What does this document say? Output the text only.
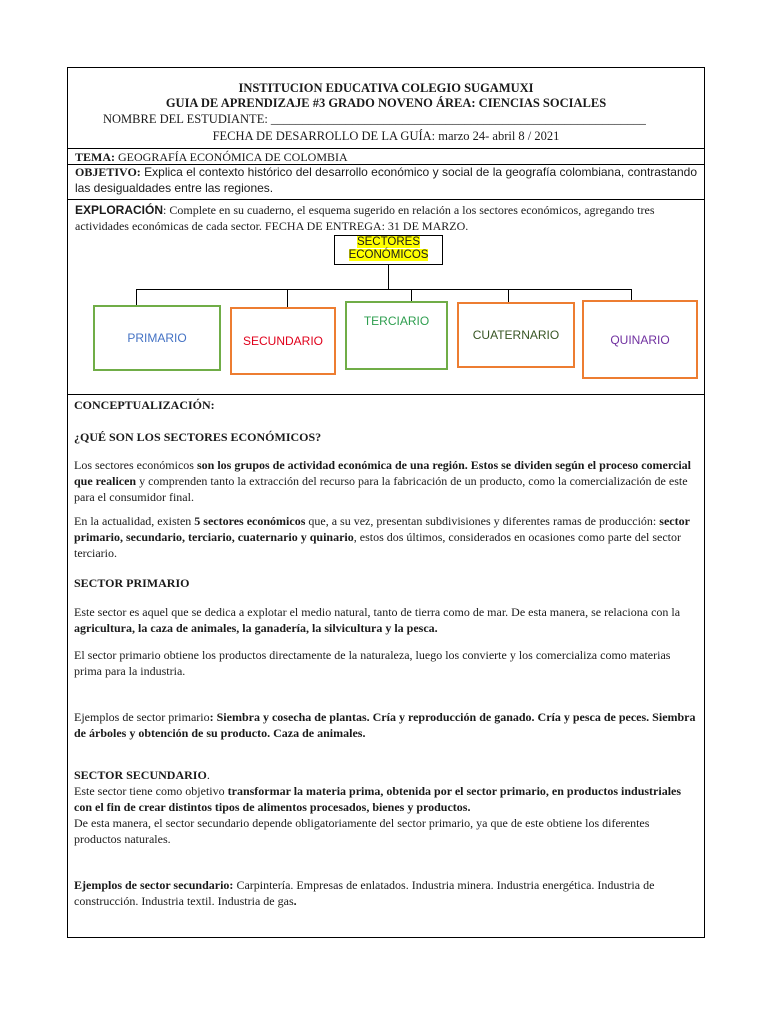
INSTITUCION EDUCATIVA COLEGIO SUGAMUXI
GUIA DE APRENDIZAJE #3 GRADO NOVENO ÁREA: CIENCIAS SOCIALES
NOMBRE DEL ESTUDIANTE: ____________________________________________________________
FECHA DE DESARROLLO DE LA GUÍA: marzo 24- abril 8 / 2021
TEMA: GEOGRAFÍA ECONÓMICA DE COLOMBIA
OBJETIVO: Explica el contexto histórico del desarrollo económico y social de la geografía colombiana, contrastando las desigualdades entre las regiones.
EXPLORACIÓN: Complete en su cuaderno, el esquema sugerido en relación a los sectores económicos, agregando tres actividades económicas de cada sector. FECHA DE ENTREGA: 31 DE MARZO.
SECTORES
ECONÓMICOS
PRIMARIO	SECUNDARIO
TERCIARIO
CUATERNARIO	QUINARIO

CONCEPTUALIZACIÓN:

¿QUÉ SON LOS SECTORES ECONÓMICOS?

Los sectores económicos son los grupos de actividad económica de una región. Estos se dividen según el proceso comercial que realicen y comprenden tanto la extracción del recurso para la fabricación de un producto, como la comercialización de este para el consumidor final.

En la actualidad, existen 5 sectores económicos que, a su vez, presentan subdivisiones y diferentes ramas de producción: sector primario, secundario, terciario, cuaternario y quinario, estos dos últimos, considerados en ocasiones como parte del sector terciario.

SECTOR PRIMARIO

Este sector es aquel que se dedica a explotar el medio natural, tanto de tierra como de mar. De esta manera, se relaciona con la agricultura, la caza de animales, la ganadería, la silvicultura y la pesca.

El sector primario obtiene los productos directamente de la naturaleza, luego los convierte y los comercializa como materias prima para la industria.

Ejemplos de sector primario: Siembra y cosecha de plantas. Cría y reproducción de ganado. Cría y pesca de peces. Siembra de árboles y obtención de su producto. Caza de animales.

SECTOR SECUNDARIO.

Este sector tiene como objetivo transformar la materia prima, obtenida por el sector primario, en productos industriales con el fin de crear distintos tipos de alimentos procesados, bienes y productos.
De esta manera, el sector secundario depende obligatoriamente del sector primario, ya que de este obtiene los diferentes productos naturales.

Ejemplos de sector secundario: Carpintería. Empresas de enlatados. Industria minera. Industria energética. Industria de construcción. Industria textil. Industria de gas.
